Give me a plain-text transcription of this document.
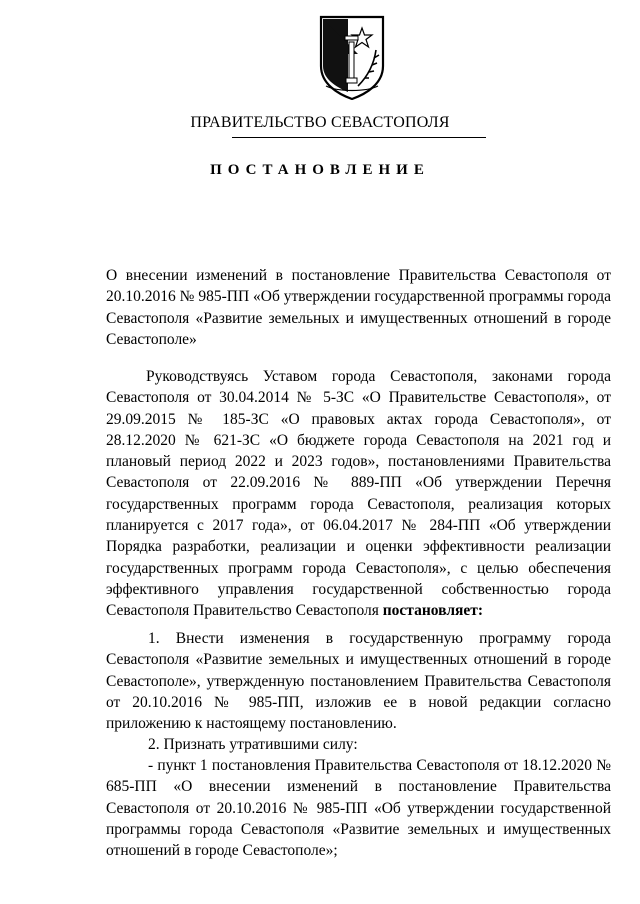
ПРАВИТЕЛЬСТВО СЕВАСТОПОЛЯ
ПОСТАНОВЛЕНИЕ

О внесении изменений в постановление Правительства Севастополя от 20.10.2016 № 985-ПП «Об утверждении государственной программы города Севастополя «Развитие земельных и имущественных отношений в городе Севастополе»

Руководствуясь Уставом города Севастополя, законами города Севастополя от 30.04.2014 № 5-ЗС «О Правительстве Севастополя», от 29.09.2015 № 185-ЗС «О правовых актах города Севастополя», от 28.12.2020 № 621-ЗС «О бюджете города Севастополя на 2021 год и плановый период 2022 и 2023 годов», постановлениями Правительства Севастополя от 22.09.2016 № 889-ПП «Об утверждении Перечня государственных программ города Севастополя, реализация которых планируется с 2017 года», от 06.04.2017 № 284-ПП «Об утверждении Порядка разработки, реализации и оценки эффективности реализации государственных программ города Севастополя», с целью обеспечения эффективного управления государственной собственностью города Севастополя Правительство Севастополя постановляет:

1. Внести изменения в государственную программу города Севастополя «Развитие земельных и имущественных отношений в городе Севастополе», утвержденную постановлением Правительства Севастополя от 20.10.2016 № 985-ПП, изложив ее в новой редакции согласно приложению к настоящему постановлению.

2. Признать утратившими силу:

- пункт 1 постановления Правительства Севастополя от 18.12.2020 № 685-ПП «О внесении изменений в постановление Правительства Севастополя от 20.10.2016 № 985-ПП «Об утверждении государственной программы города Севастополя «Развитие земельных и имущественных отношений в городе Севастополе»;
